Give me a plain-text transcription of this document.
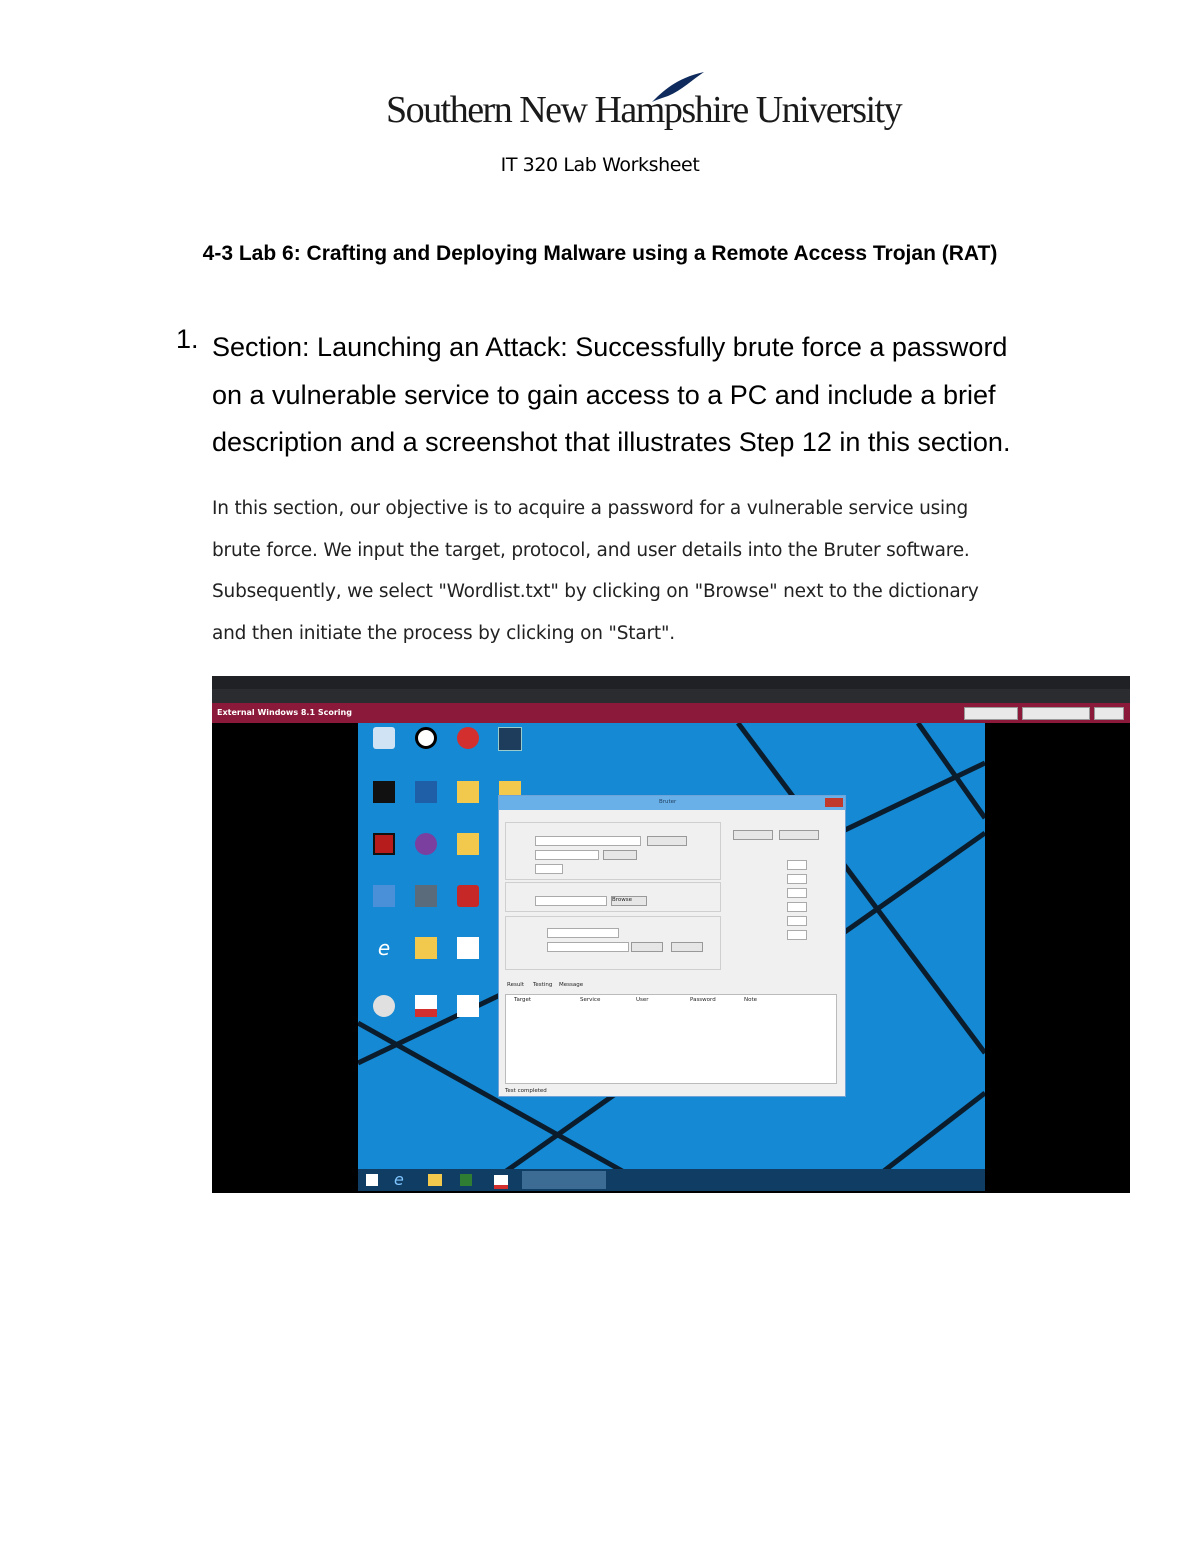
Southern New Hampshire University
IT 320 Lab Worksheet
4-3 Lab 6: Crafting and Deploying Malware using a Remote Access Trojan (RAT)
1. Section: Launching an Attack: Successfully brute force a password
on a vulnerable service to gain access to a PC and include a brief
description and a screenshot that illustrates Step 12 in this section.
In this section, our objective is to acquire a password for a vulnerable service using
brute force. We input the target, protocol, and user details into the Bruter software.
Subsequently, we select "Wordlist.txt" by clicking on "Browse" next to the dictionary
and then initiate the process by clicking on "Start".
External Windows 8.1 Scoring
e
Bruter
Browse
Result Testing Message
Target	Service	User	Password	Note
Test completed
e
